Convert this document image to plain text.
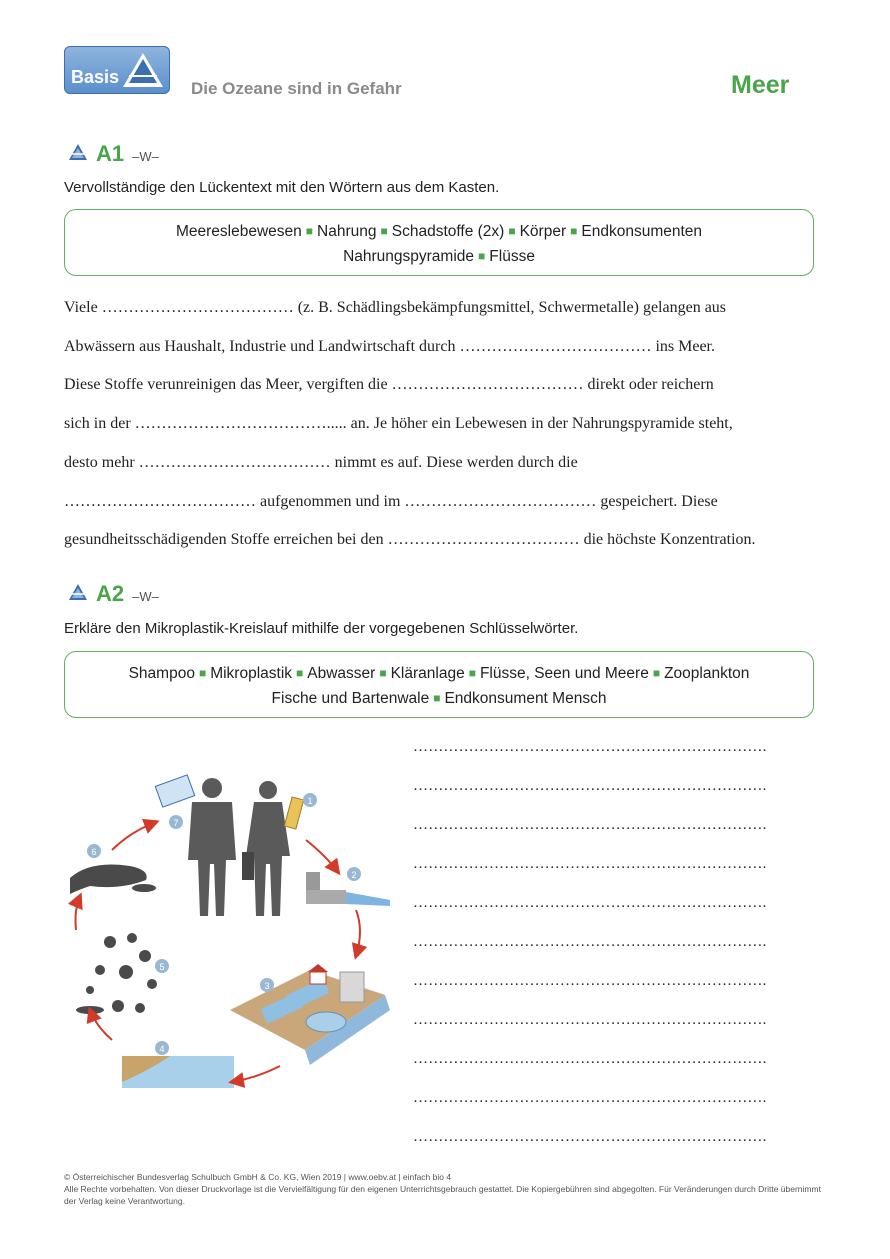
Basis
Die Ozeane sind in Gefahr	Meer
A1 –W–
Vervollständige den Lückentext mit den Wörtern aus dem Kasten.
Meereslebewesen ■ Nahrung ■ Schadstoffe (2x) ■ Körper ■ Endkonsumenten
Nahrungspyramide ■ Flüsse
Viele ……………………………… (z. B. Schädlingsbekämpfungsmittel, Schwermetalle) gelangen aus
Abwässern aus Haushalt, Industrie und Landwirtschaft durch ……………………………… ins Meer.
Diese Stoffe verunreinigen das Meer, vergiften die ……………………………… direkt oder reichern
sich in der ………………………………..... an. Je höher ein Lebewesen in der Nahrungspyramide steht,
desto mehr ……………………………… nimmt es auf. Diese werden durch die
……………………………… aufgenommen und im ……………………………… gespeichert. Diese
gesundheitsschädigenden Stoffe erreichen bei den ……………………………… die höchste Konzentration.
A2 –W–
Erkläre den Mikroplastik-Kreislauf mithilfe der vorgegebenen Schlüsselwörter.
Shampoo ■ Mikroplastik ■ Abwasser ■ Kläranlage ■ Flüsse, Seen und Meere ■ Zooplankton
Fische und Bartenwale ■ Endkonsument Mensch
1
2
3
4
5
6
7
…………………………………………………………….
…………………………………………………………….
…………………………………………………………….
…………………………………………………………….
…………………………………………………………….
…………………………………………………………….
…………………………………………………………….
…………………………………………………………….
…………………………………………………………….
…………………………………………………………….
…………………………………………………………….
© Österreichischer Bundesverlag Schulbuch GmbH & Co. KG, Wien 2019 | www.oebv.at | einfach bio 4
Alle Rechte vorbehalten. Von dieser Druckvorlage ist die Vervielfältigung für den eigenen Unterrichtsgebrauch gestattet. Die Kopiergebühren sind abgegolten. Für Veränderungen durch Dritte übernimmt der Verlag keine Verantwortung.
